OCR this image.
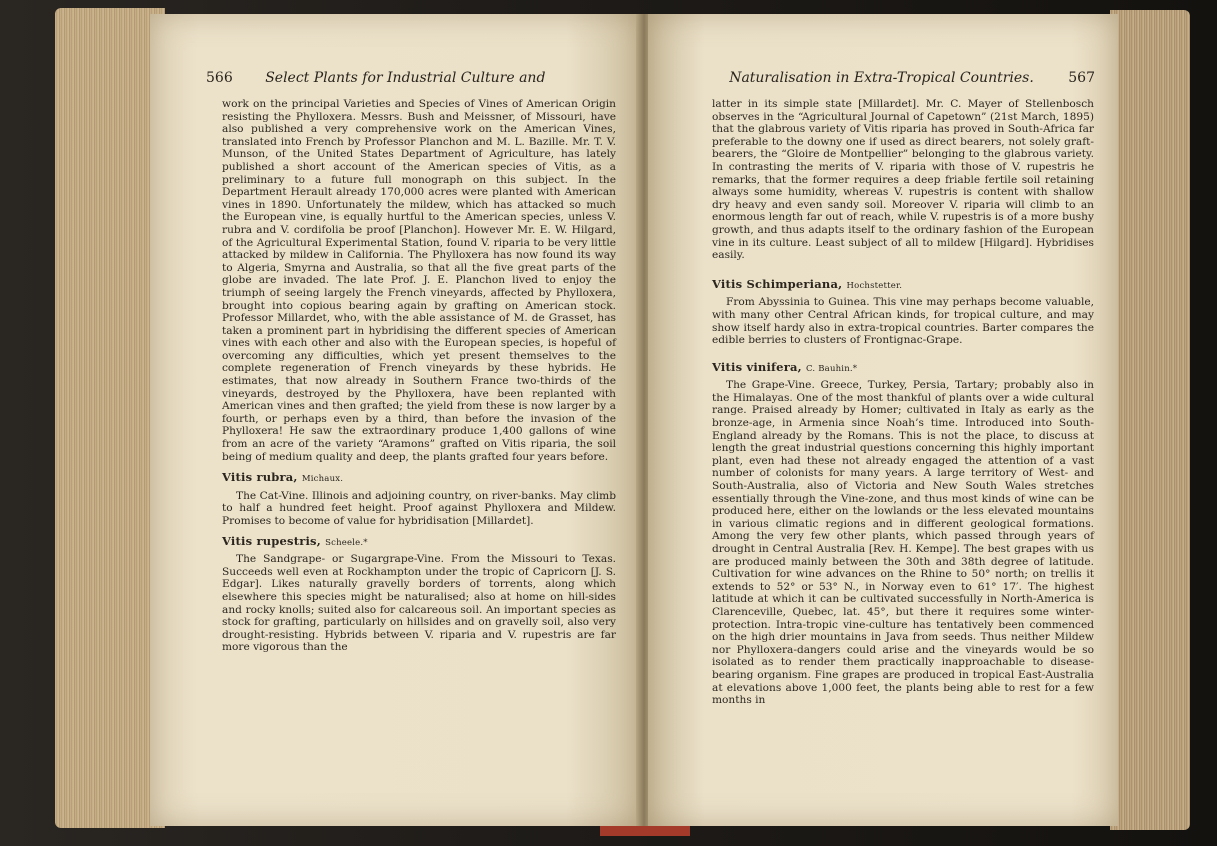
566 Select Plants for Industrial Culture and

work on the principal Varieties and Species of Vines of American Origin resisting the Phylloxera. Messrs. Bush and Meissner, of Missouri, have also published a very comprehensive work on the American Vines, translated into French by Professor Planchon and M. L. Bazille. Mr. T. V. Munson, of the United States Department of Agriculture, has lately published a short account of the American species of Vitis, as a preliminary to a future full monograph on this subject. In the Department Herault already 170,000 acres were planted with American vines in 1890. Unfortunately the mildew, which has attacked so much the European vine, is equally hurtful to the American species, unless V. rubra and V. cordifolia be proof [Planchon]. However Mr. E. W. Hilgard, of the Agricultural Experimental Station, found V. riparia to be very little attacked by mildew in California. The Phylloxera has now found its way to Algeria, Smyrna and Australia, so that all the five great parts of the globe are invaded. The late Prof. J. E. Planchon lived to enjoy the triumph of seeing largely the French vineyards, affected by Phylloxera, brought into copious bearing again by grafting on American stock. Professor Millardet, who, with the able assistance of M. de Grasset, has taken a prominent part in hybridising the different species of American vines with each other and also with the European species, is hopeful of overcoming any difficulties, which yet present themselves to the complete regeneration of French vineyards by these hybrids. He estimates, that now already in Southern France two-thirds of the vineyards, destroyed by the Phylloxera, have been replanted with American vines and then grafted; the yield from these is now larger by a fourth, or perhaps even by a third, than before the invasion of the Phylloxera! He saw the extraordinary produce 1,400 gallons of wine from an acre of the variety “Aramons” grafted on Vitis riparia, the soil being of medium quality and deep, the plants grafted four years before.

Vitis rubra, Michaux.

The Cat-Vine. Illinois and adjoining country, on river-banks. May climb to half a hundred feet height. Proof against Phylloxera and Mildew. Promises to become of value for hybridisation [Millardet].

Vitis rupestris, Scheele.*

The Sandgrape- or Sugargrape-Vine. From the Missouri to Texas. Succeeds well even at Rockhampton under the tropic of Capricorn [J. S. Edgar]. Likes naturally gravelly borders of torrents, along which elsewhere this species might be naturalised; also at home on hill-sides and rocky knolls; suited also for calcareous soil. An important species as stock for grafting, particularly on hillsides and on gravelly soil, also very drought-resisting. Hybrids between V. riparia and V. rupestris are far more vigorous than the

Naturalisation in Extra-Tropical Countries. 567

latter in its simple state [Millardet]. Mr. C. Mayer of Stellenbosch observes in the “Agricultural Journal of Capetown” (21st March, 1895) that the glabrous variety of Vitis riparia has proved in South-Africa far preferable to the downy one if used as direct bearers, not solely graft-bearers, the “Gloire de Montpellier” belonging to the glabrous variety. In contrasting the merits of V. riparia with those of V. rupestris he remarks, that the former requires a deep friable fertile soil retaining always some humidity, whereas V. rupestris is content with shallow dry heavy and even sandy soil. Moreover V. riparia will climb to an enormous length far out of reach, while V. rupestris is of a more bushy growth, and thus adapts itself to the ordinary fashion of the European vine in its culture. Least subject of all to mildew [Hilgard]. Hybridises easily.

Vitis Schimperiana, Hochstetter.

From Abyssinia to Guinea. This vine may perhaps become valuable, with many other Central African kinds, for tropical culture, and may show itself hardy also in extra-tropical countries. Barter compares the edible berries to clusters of Frontignac-Grape.

Vitis vinifera, C. Bauhin.*

The Grape-Vine. Greece, Turkey, Persia, Tartary; probably also in the Himalayas. One of the most thankful of plants over a wide cultural range. Praised already by Homer; cultivated in Italy as early as the bronze-age, in Armenia since Noah’s time. Introduced into South-England already by the Romans. This is not the place, to discuss at length the great industrial questions concerning this highly important plant, even had these not already engaged the attention of a vast number of colonists for many years. A large territory of West- and South-Australia, also of Victoria and New South Wales stretches essentially through the Vine-zone, and thus most kinds of wine can be produced here, either on the lowlands or the less elevated mountains in various climatic regions and in different geological formations. Among the very few other plants, which passed through years of drought in Central Australia [Rev. H. Kempe]. The best grapes with us are produced mainly between the 30th and 38th degree of latitude. Cultivation for wine advances on the Rhine to 50° north; on trellis it extends to 52° or 53° N., in Norway even to 61° 17′. The highest latitude at which it can be cultivated successfully in North-America is Clarenceville, Quebec, lat. 45°, but there it requires some winter-protection. Intra-tropic vine-culture has tentatively been commenced on the high drier mountains in Java from seeds. Thus neither Mildew nor Phylloxera-dangers could arise and the vineyards would be so isolated as to render them practically inapproachable to disease-bearing organism. Fine grapes are produced in tropical East-Australia at elevations above 1,000 feet, the plants being able to rest for a few months in
